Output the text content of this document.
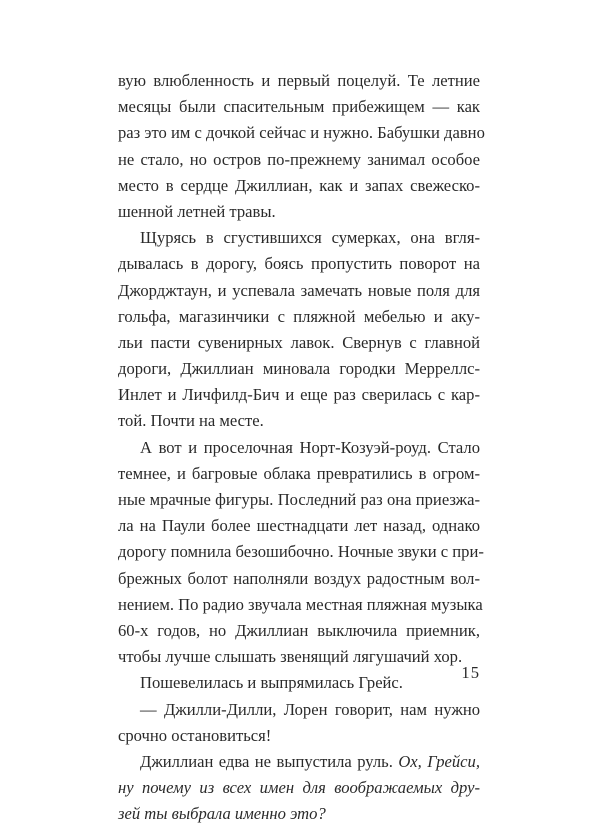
вую влюбленность и первый поцелуй. Те летние
месяцы были спасительным прибежищем — как
раз это им с дочкой сейчас и нужно. Бабушки давно
не стало, но остров по-прежнему занимал особое
место в сердце Джиллиан, как и запах свежеско-
шенной летней травы.
Щурясь в сгустившихся сумерках, она вгля-
дывалась в дорогу, боясь пропустить поворот на
Джорджтаун, и успевала замечать новые поля для
гольфа, магазинчики с пляжной мебелью и аку-
льи пасти сувенирных лавок. Свернув с главной
дороги, Джиллиан миновала городки Мерреллс-
Инлет и Личфилд-Бич и еще раз сверилась с кар-
той. Почти на месте.
А вот и проселочная Норт-Козуэй-роуд. Стало
темнее, и багровые облака превратились в огром-
ные мрачные фигуры. Последний раз она приезжа-
ла на Паули более шестнадцати лет назад, однако
дорогу помнила безошибочно. Ночные звуки с при-
брежных болот наполняли воздух радостным вол-
нением. По радио звучала местная пляжная музыка
60-х годов, но Джиллиан выключила приемник,
чтобы лучше слышать звенящий лягушачий хор.
Пошевелилась и выпрямилась Грейс.
— Джилли-Дилли, Лорен говорит, нам нужно
срочно остановиться!
Джиллиан едва не выпустила руль. Ох, Грейси,
ну почему из всех имен для воображаемых дру-
зей ты выбрала именно это?
15
